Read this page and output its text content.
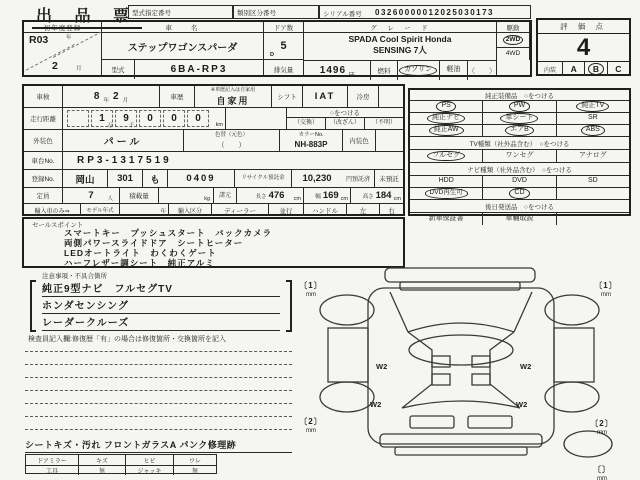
出 品 票
型式指定番号	類別区分番号	シリアル番号 03260000012025030173
評 価 点
4
内装	A	B	C
初年度登録
R03	年
2	月
車　　名
ステップワゴンスパーダ
型式	6BA-RP3
ドア数
5
D
排気量
グ　レ　ー　ド
SPADA Cool Spirit Honda
SENSING 7人
1496 cc	燃料	ガソリン	軽油	〈　　〉
駆動
2WD
4WD
車検	8 年 2 月	車歴
※車歴記入は自家用
自家用	シフト	IAT	冷房
走行距離	1	9	0	0	0
万	千	km
○をつける
（交換）	（改ざん）	（不明）
外装色	パール
色替（元色）
（　　）
カラーNo.
NH-883P	内装色
車台No.	RP3-1317519
登録No.	岡山	301	も	0409	リサイクル預託金	10,230	円預託済	未預託
定員	7	人	積載量	kg
諸元	長さ 476 cm	幅 169 cm	高さ 184 cm
輸入車のみ⇒	モデル年式	年	輸入区分	ディーラー	並行	ハンドル	左	右
セールスポイント
スマートキー　プッシュスタート　バックカメラ
両側パワースライドドア　シートヒーター
LEDオートライト　わくわくゲート
ハーフレザー調シート　純正アルミ
純正装備品　○をつける
PS	PW	純正TV
純正ナビ	革シート	SR
純正AW	エアB	ABS
TV種類（社外品含む）　○をつける
フルセグ	ワンセグ	アナログ
ナビ種類（社外品含む）　○をつける
HDD	DVD	SD
DVD再生可	CD
後日発送品　○をつける
新車保証書	車輛取説
注意事項・不具合箇所
純正9型ナビ　フルセグTV
ホンダセンシング
レーダークルーズ
検査員記入欄:修復歴「有」の場合は修復箇所・交換箇所を記入
シートキズ・汚れ フロントガラスA パンク修理跡
ドアミラー	キズ	ヒビ	ワレ
工具	無	ジャッキ	無
W2
W2
W2
W2
〔 1 〕
mm
〔 1 〕
mm
〔 2 〕
mm
〔 2 〕
mm
〔 〕
mm
